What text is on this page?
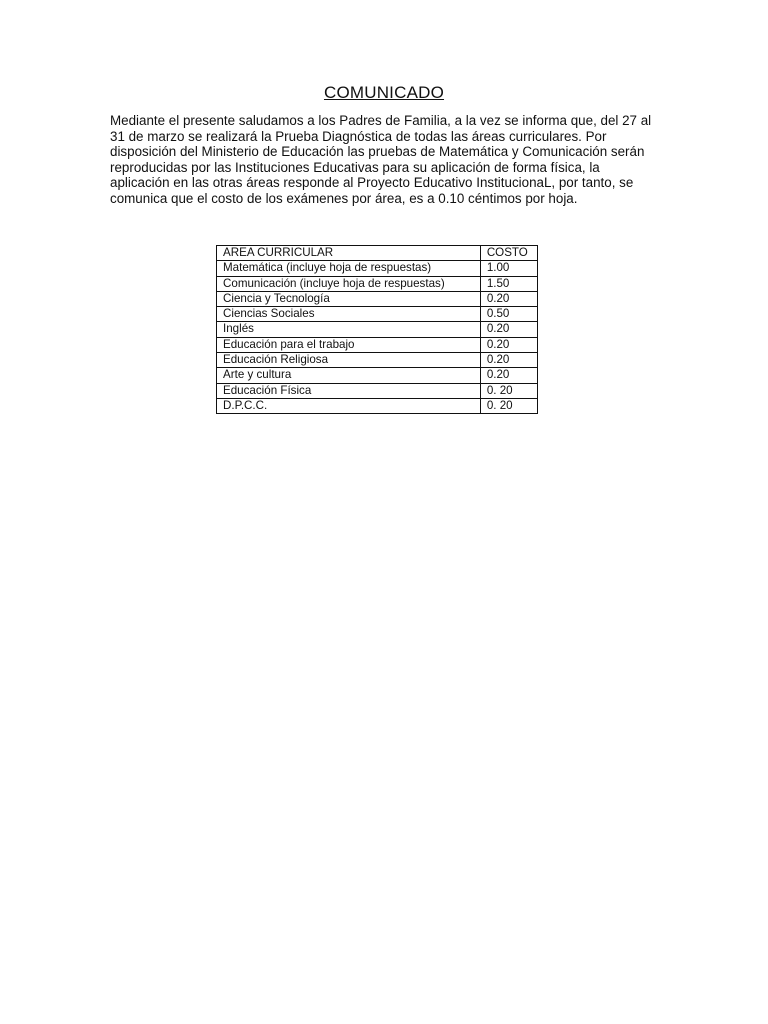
COMUNICADO

Mediante el presente saludamos a los Padres de Familia, a la vez se informa que, del 27 al 31 de marzo se realizará la Prueba Diagnóstica de todas las áreas curriculares. Por disposición del Ministerio de Educación las pruebas de Matemática y Comunicación serán reproducidas por las Instituciones Educativas para su aplicación de forma física, la aplicación en las otras áreas responde al Proyecto Educativo InstitucionaL, por tanto, se comunica que el costo de los exámenes por área, es a 0.10 céntimos por hoja.

AREA CURRICULAR	COSTO
Matemática (incluye hoja de respuestas)	1.00
Comunicación (incluye hoja de respuestas)	1.50
Ciencia y Tecnología	0.20
Ciencias Sociales	0.50
Inglés	0.20
Educación para el trabajo	0.20
Educación Religiosa	0.20
Arte y cultura	0.20
Educación Física	0. 20
D.P.C.C.	0. 20
